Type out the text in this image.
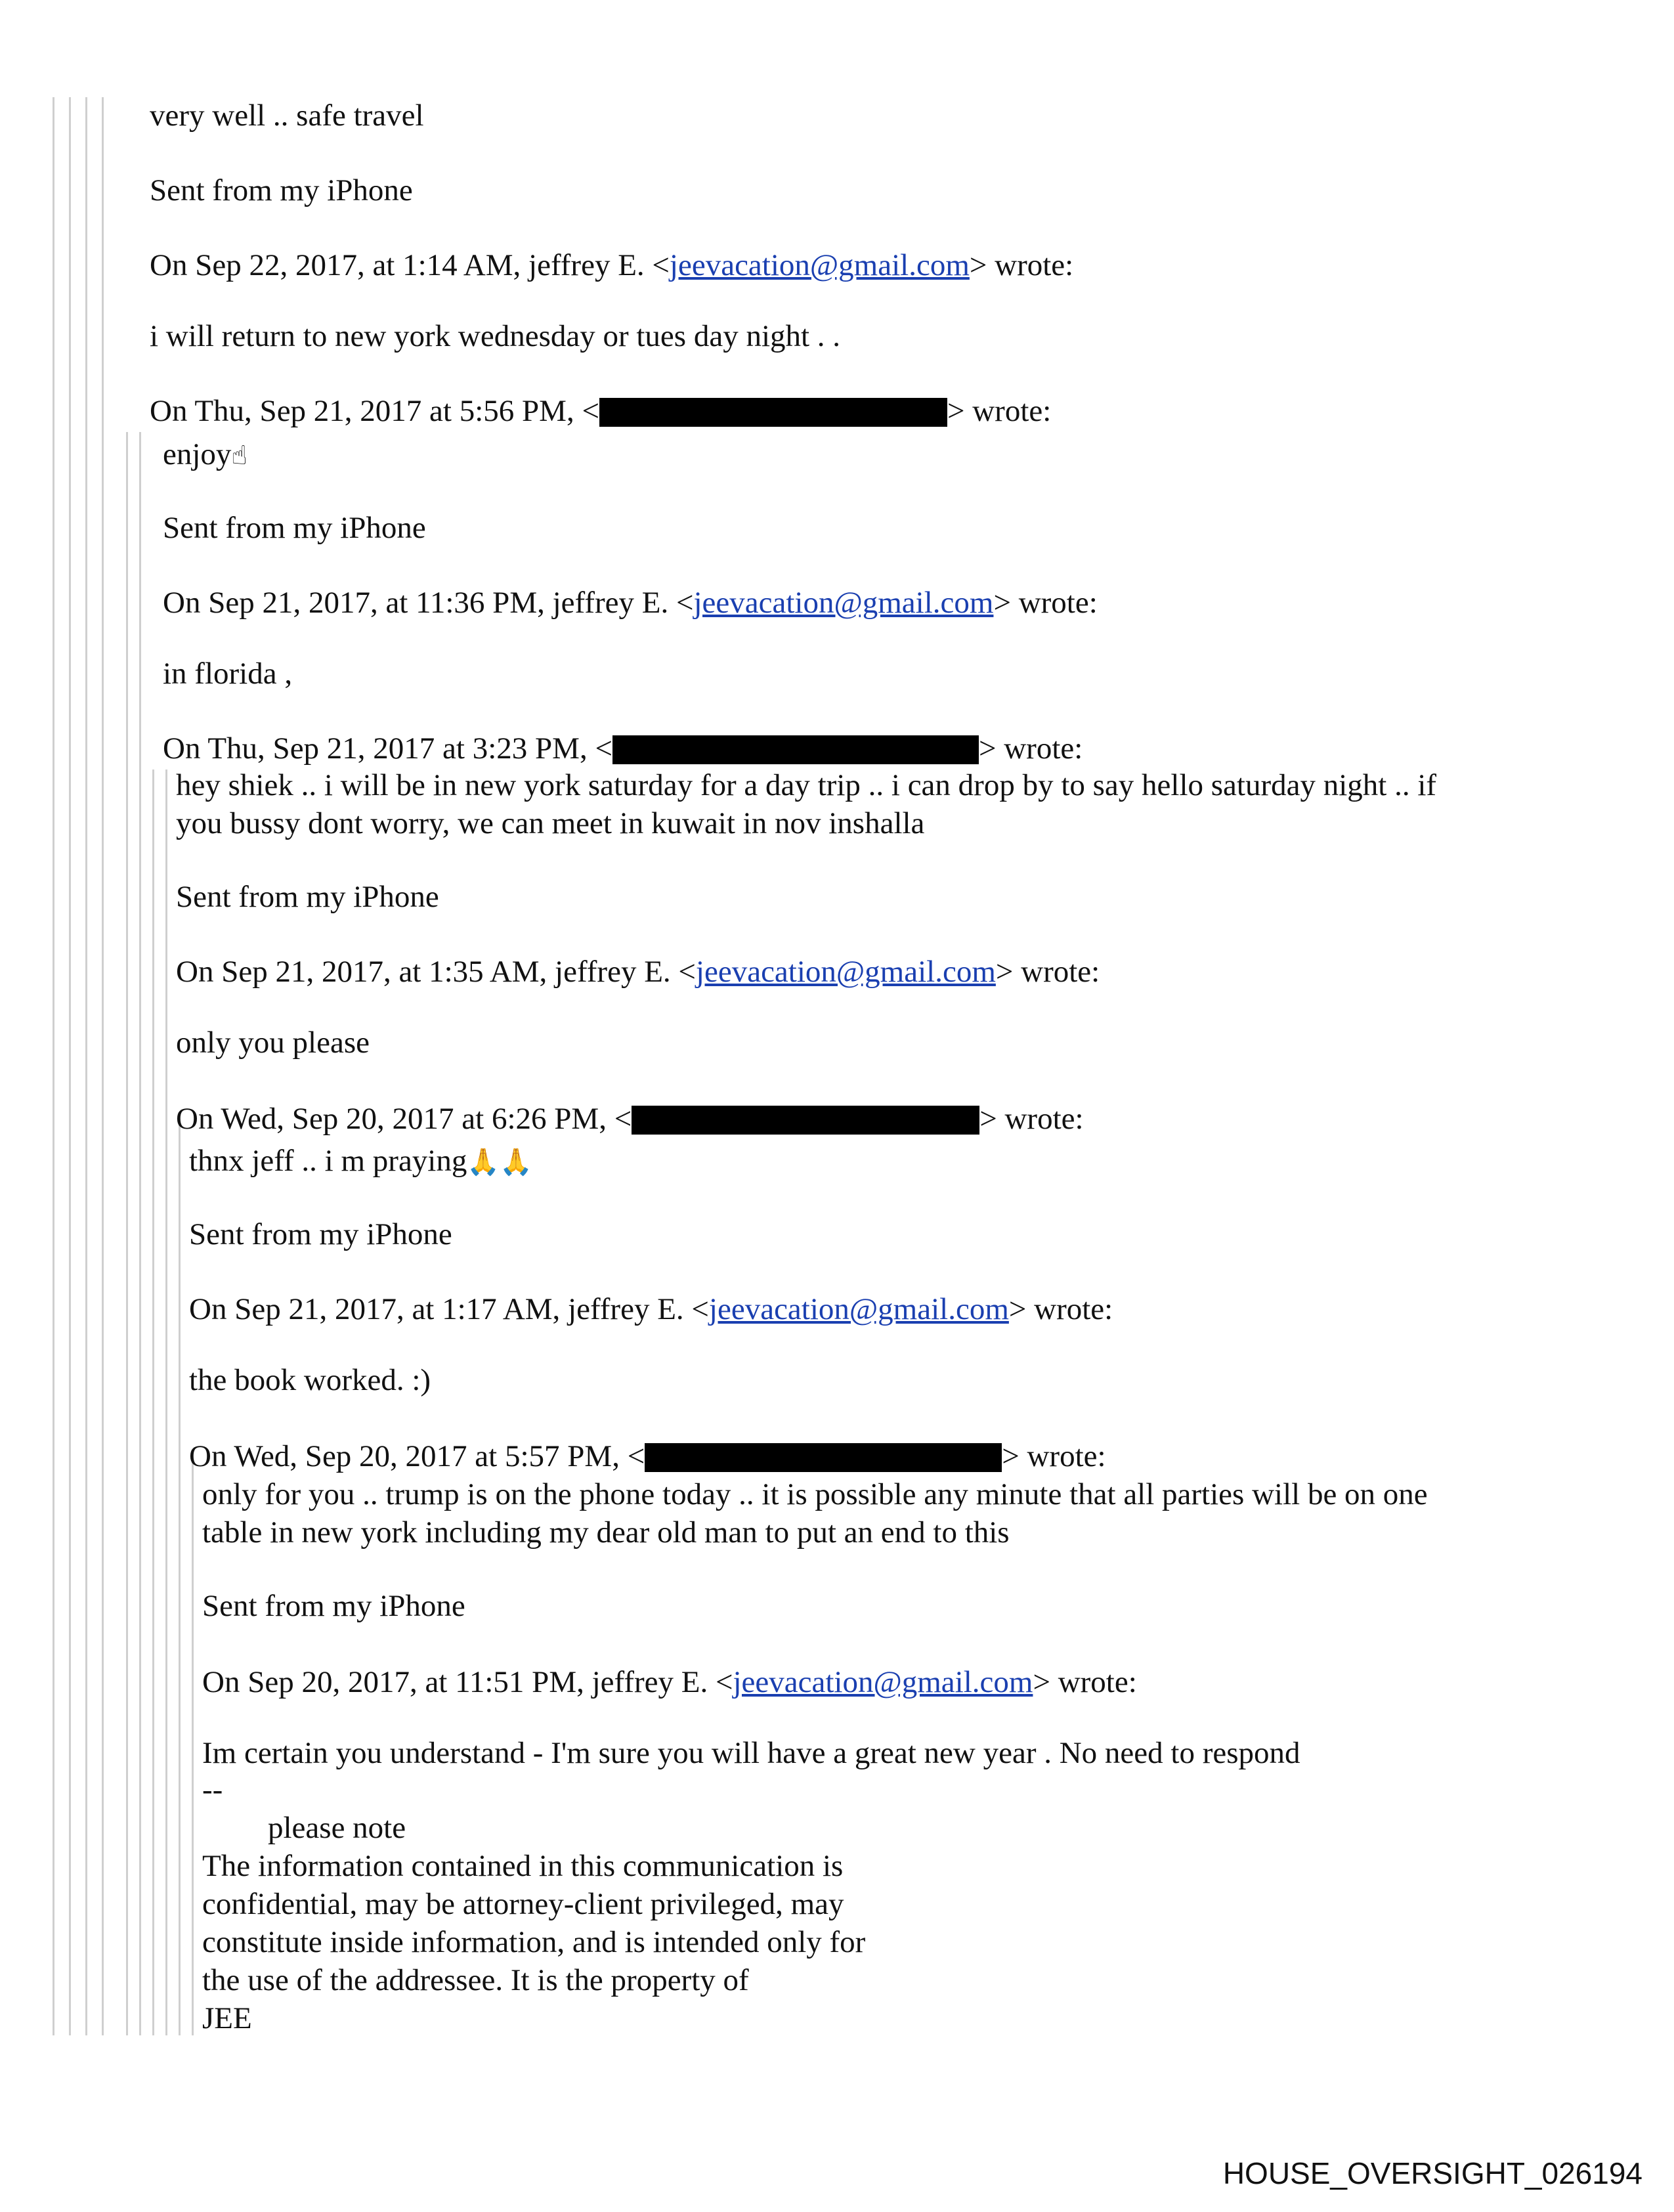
very well .. safe travel
Sent from my iPhone
On Sep 22, 2017, at 1:14 AM, jeffrey E. <jeevacation@gmail.com> wrote:
i will return to new york wednesday or tues day night . .
On Thu, Sep 21, 2017 at 5:56 PM, <	> wrote:
enjoy☝
Sent from my iPhone
On Sep 21, 2017, at 11:36 PM, jeffrey E. <jeevacation@gmail.com> wrote:
in florida ,
On Thu, Sep 21, 2017 at 3:23 PM, <	> wrote:
hey shiek .. i will be in new york saturday for a day trip .. i can drop by to say hello saturday night .. if
you bussy dont worry, we can meet in kuwait in nov inshalla
Sent from my iPhone
On Sep 21, 2017, at 1:35 AM, jeffrey E. <jeevacation@gmail.com> wrote:
only you please
On Wed, Sep 20, 2017 at 6:26 PM, <	> wrote:
thnx jeff .. i m praying🙏🙏
Sent from my iPhone
On Sep 21, 2017, at 1:17 AM, jeffrey E. <jeevacation@gmail.com> wrote:
the book worked. :)
On Wed, Sep 20, 2017 at 5:57 PM, <	> wrote:
only for you .. trump is on the phone today .. it is possible any minute that all parties will be on one
table in new york including my dear old man to put an end to this
Sent from my iPhone
On Sep 20, 2017, at 11:51 PM, jeffrey E. <jeevacation@gmail.com> wrote:
Im certain you understand - I'm sure you will have a great new year . No need to respond
--
please note
The information contained in this communication is
confidential, may be attorney-client privileged, may
constitute inside information, and is intended only for
the use of the addressee. It is the property of
JEE
HOUSE_OVERSIGHT_026194
